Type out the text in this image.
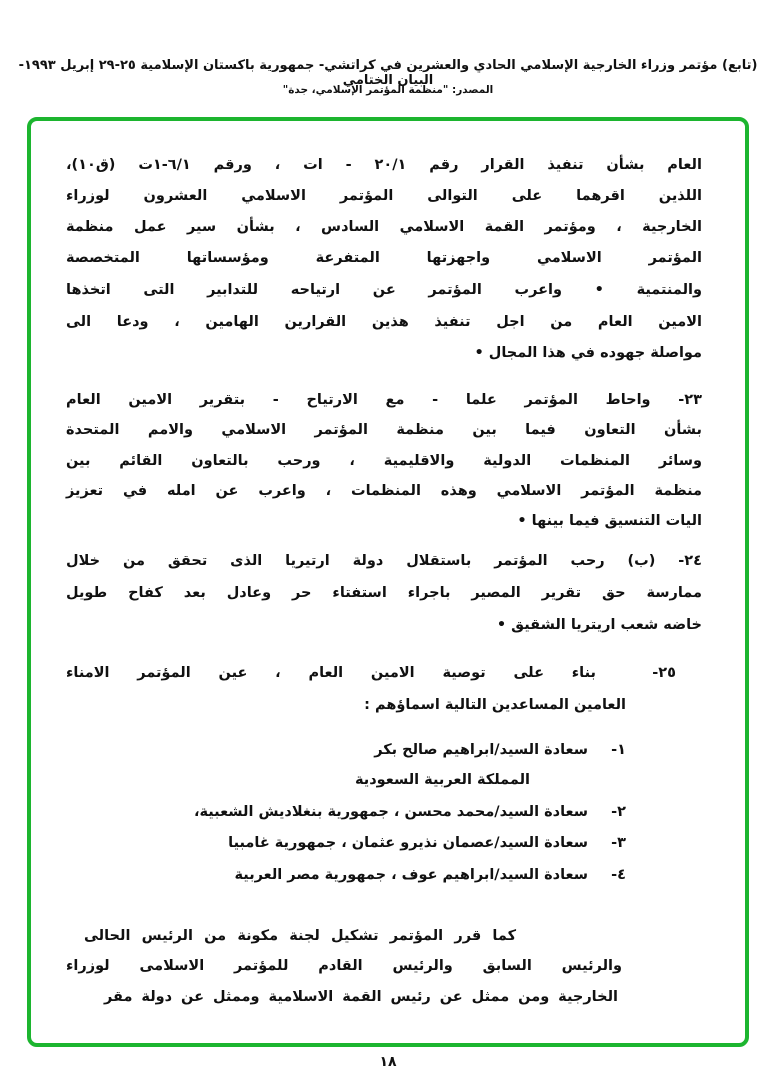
(تابع) مؤتمر وزراء الخارجية الإسلامي الحادي والعشرين في كراتشي- جمهورية باكستان الإسلامية ٢٥-٢٩ إبريل ١٩٩٣- البيان الختامي
المصدر: "منظمة المؤتمر الإسلامي، جدة"
العام بشأن تنفيذ القرار رقم ٢٠/١ - ات ، ورقم ٦/١-١ت (ق١٠)،
اللذين اقرهما على التوالى المؤتمر الاسلامي العشرون لوزراء
الخارجية ، ومؤتمر القمة الاسلامي السادس ، بشأن سير عمل منظمة
المؤتمر الاسلامي واجهزتها المتفرعة ومؤسساتها المتخصصة
والمنتمية • واعرب المؤتمر عن ارتياحه للتدابير التى اتخذها
الامين العام من اجل تنفيذ هذين القرارين الهامين ، ودعا الى
مواصلة جهوده في هذا المجال •
٢٣- واحاط المؤتمر علما - مع الارتياح - بتقرير الامين العام
بشأن التعاون فيما بين منظمة المؤتمر الاسلامي والامم المتحدة
وسائر المنظمات الدولية والاقليمية ، ورحب بالتعاون القائم بين
منظمة المؤتمر الاسلامي وهذه المنظمات ، واعرب عن امله في تعزيز
اليات التنسيق فيما بينها •
٢٤- (ب) رحب المؤتمر باستقلال دولة ارتيريا الذى تحقق من خلال
ممارسة حق تقرير المصير باجراء استفتاء حر وعادل بعد كفاح طويل
خاضه شعب اريتريا الشقيق •
٢٥-
بناء على توصية الامين العام ، عين المؤتمر الامناء
العامين المساعدين التالية اسماؤهم :
١-
سعادة السيد/ابراهيم صالح بكر
المملكة العربية السعودية
٢-
سعادة السيد/محمد محسن ، جمهورية بنغلاديش الشعبية،
٣-
سعادة السيد/عصمان نذيرو عثمان ، جمهورية غامبيا
٤-
سعادة السيد/ابراهيم عوف ، جمهورية مصر العربية
كما قرر المؤتمر تشكيل لجنة مكونة من الرئيس الحالى
والرئيس السابق والرئيس القادم للمؤتمر الاسلامى لوزراء
الخارجية ومن ممثل عن رئيس القمة الاسلامية وممثل عن دولة مقر
١٨
